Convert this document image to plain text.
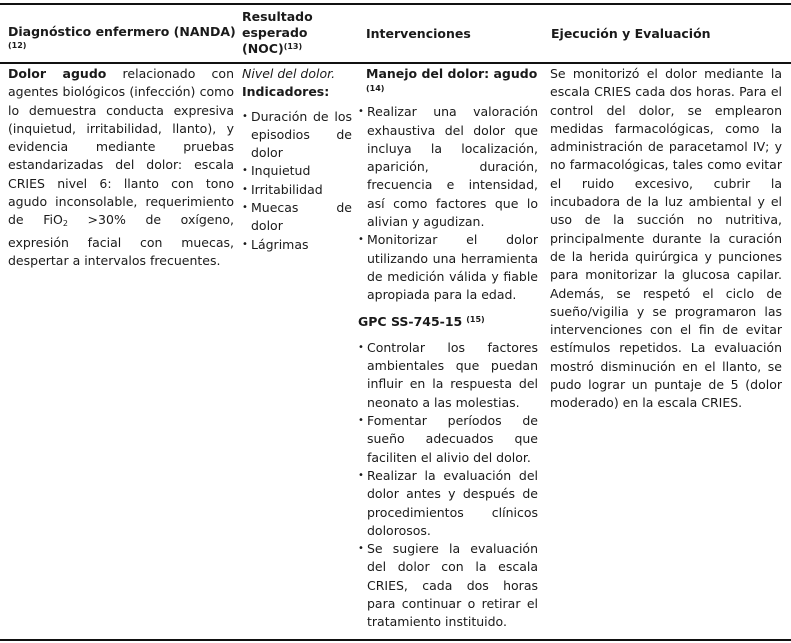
Diagnóstico enfermero (NANDA)
(12)
Resultado
esperado
(NOC)$^{(13)}$
Intervenciones	Ejecución y Evaluación

Dolor agudo relacionado con agentes biológicos (infección) como lo demuestra conducta expresiva (inquietud, irritabilidad, llanto), y evidencia mediante pruebas estandarizadas del dolor: escala CRIES nivel 6: llanto con tono agudo inconsolable, requerimiento de FiO2 >30% de oxígeno, expresión facial con muecas, despertar a intervalos frecuentes.

Nivel del dolor.
Indicadores:
• Duración de los episodios de dolor
• Inquietud
• Irritabilidad
• Muecas de dolor
• Lágrimas
Manejo del dolor: agudo
(14)
• Realizar una valoración exhaustiva del dolor que incluya la localización, aparición, duración, frecuencia e intensidad, así como factores que lo alivian y agudizan.
• Monitorizar el dolor utilizando una herramienta de medición válida y fiable apropiada para la edad.
GPC SS-745-15 $^{(15)}$
• Controlar los factores ambientales que puedan influir en la respuesta del neonato a las molestias.
• Fomentar períodos de sueño adecuados que faciliten el alivio del dolor.
• Realizar la evaluación del dolor antes y después de procedimientos clínicos dolorosos.
• Se sugiere la evaluación del dolor con la escala CRIES, cada dos horas para continuar o retirar el tratamiento instituido.

Se monitorizó el dolor mediante la escala CRIES cada dos horas. Para el control del dolor, se emplearon medidas farmacológicas, como la administración de paracetamol IV; y no farmacológicas, tales como evitar el ruido excesivo, cubrir la incubadora de la luz ambiental y el uso de la succión no nutritiva, principalmente durante la curación de la herida quirúrgica y punciones para monitorizar la glucosa capilar. Además, se respetó el ciclo de sueño/vigilia y se programaron las intervenciones con el fin de evitar estímulos repetidos. La evaluación mostró disminución en el llanto, se pudo lograr un puntaje de 5 (dolor moderado) en la escala CRIES.
